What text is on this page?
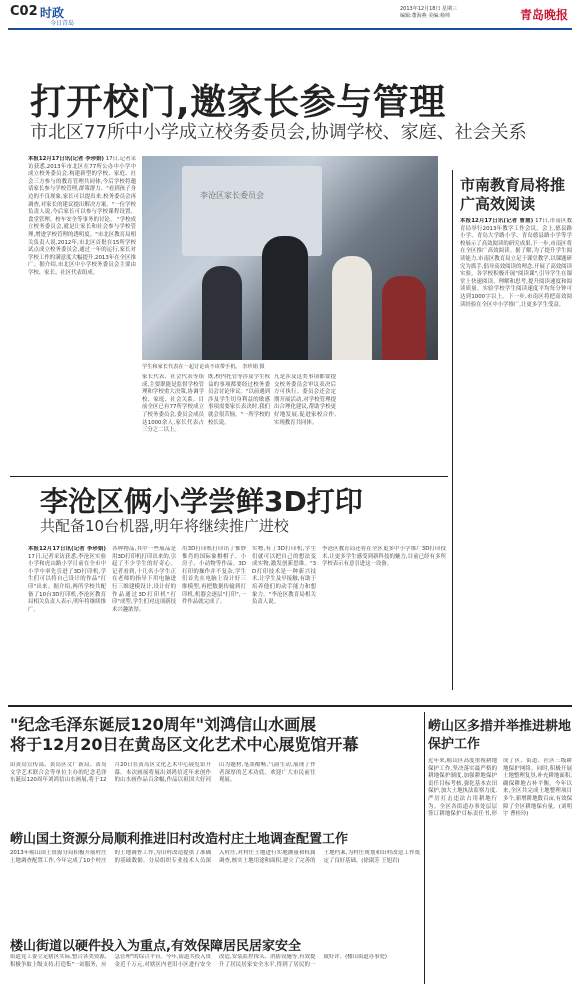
C02 时政
今日青岛
2013年12月18日 星期三
编辑:董海燕 美编:杨帅	青岛晚报
打开校门,邀家长参与管理
市北区77所中小学成立校务委员会,协调学校、家庭、社会关系
本报12月17日讯(记者 李珍娟) 17日,记者采访获悉,2013年市北区在77所公办中小学中成立校务委员会,构建新型的学校、家庭、社会三方参与的教育管理共同体,今后学校将邀请家长参与学校管理,群策群力。"看到孩子身边的不良现象,家长可以提出来,校务委员会再调查,对家长的建议提出解决方案。"一位学校负责人说,今后家长可以参与学校课程设置、食堂管理、校车安全等事务的讨论。 "学校成立校务委员会,就是让家长和社会参与学校管理,增进学校管理的透明度。"市北区教育局相关负责人说,2012年,市北区首批在15所学校试点成立校务委员会,通过一年的运行,家长对学校工作的满意度大幅提升,2013年在全区推广。据介绍,市北区中小学校务委员会主要由学校、家长、社区代表组成。
李沧区家长委员会
学生和家长代表在一起讨论该不该带手机。 李珍娟 摄
家长代表、社会代表等组成,主要职能是监督学校管理和学校重大决策,协调学校、家庭、社会关系。目前全区已有77所学校成立了校务委员会,委员会成员达1000余人,家长代表占三分之二以上。
既,校内托管等涉及学生权益的事项都要经过校务委员会讨论审议。"以前遇到涉及学生切身利益的敏感事项需要家长表决时,我们就会很苦恼。"一所学校的校长说。
凡是涉及这类事项都要提交校务委员会审议表决后方可执行。委员会还会定期开展活动,对学校管理提出合理化建议,帮助学校更好地发展,促进家校合作,实现教育共同体。
市南教育局将推广高效阅读
本报12月17日讯(记者 曹慧) 17日,市南区教育局举行2013年教学工作会议。会上,德县路小学、青岛大学路小学、青岛德县路小学等学校展示了高效阅读的研究成果,下一步,市南区将在全区推广高效阅读。据了解,为了提升学生阅读能力,市南区教育局立足于课堂教学,以课题研究为抓手,倡导高效阅读的理念,开展了高效阅读实验。各学校积极开展"阅读课",引导学生在课堂上快速阅读、理解和思考,提升阅读速度和阅读质量。实验学校学生阅读速度平均每分钟可达到1000字以上。下一步,市南区将把高效阅读经验在全区中小学推广,让更多学生受益。
李沧区俩小学尝鲜3D打印
共配备10台机器,明年将继续推广进校
本报12月17日讯(记者 李珍娟) 17日,记者采访获悉,李沧区实验小学和虎山路小学日前在全市中小学中率先引进了3D打印机,学生们可以将自己设计的作品"打印"出来。据介绍,两所学校共配备了10台3D打印机,李沧区教育局相关负责人表示,明年将继续推广。
各种物品,其中一些展品是用3D打印机打印出来的,引起了不少学生的好奇心。记者看到,十几名小学生正在老师的指导下用电脑进行三维建模设计,设计好的作品通过3D打印机"打印"成型,学生们对这项新技术兴趣浓厚。
用3D打印机打印出了惟妙惟肖的国际象棋棋子、小房子、小动物等作品。3D打印的操作并不复杂,学生们首先在电脑上设计好三维模型,再把数据传输到打印机,机器会逐层"打印",一件作品就完成了。
实物,有了3D打印机,学生们就可以把自己的想法变成实物,激发创新思维。"3D打印技术是一种新兴技术,让学生及早接触,有助于培养他们的动手能力和想象力。"李沧区教育局相关负责人说。
李沧区教育局还将在全区更多中小学推广3D打印技术,让更多学生感受到新科技的魅力,目前已经有多所学校表示有意引进这一设备。
"纪念毛泽东诞辰120周年"刘鸿信山水画展
将于12月20日在黄岛区文化艺术中心展览馆开幕
由黄岛宣传部、黄岛区文广新局、黄岛文学艺术联合会等单位主办的纪念毛泽东诞辰120周年刘鸿信山水画展,将于12月20日在黄岛区文化艺术中心展览馆开幕。本次画展将展出刘鸿信近年来创作的山水画作品百余幅,作品以祖国大好河山为题材,笔墨酣畅,气韵生动,展现了作者深厚的艺术功底。欢迎广大市民前往观展。
崂山国土资源分局顺利推进旧村改造村庄土地调查配置工作
2013年崂山国土资源分局积极开展村庄土地调查配置工作,今年完成了10个村庄的土地调查工作,为旧村改造提供了准确的基础数据。分局组织专业技术人员深入村庄,对村庄土地进行实地测量和权属调查,核实土地用途和面积,建立了完善的土地档案,为村庄规划和旧村改造工作奠定了良好基础。(徐淑芳 王旭岩)
楼山街道以硬件投入为重点,有效保障居民居家安全
街道党工委立足辖区实际,整合各类资源,积极争取上级支持,打造集"一站服务、应急管理"的综合平台。今年,街道共投入资金近千万元,对辖区内老旧小区进行安全改造,安装监控探头、消防设施等,有效提升了居民居家安全水平,得到了居民的一致好评。(楼山街道办事处)
崂山区多措并举推进耕地保护工作
近年来,崂山区高度重视耕地保护工作,坚决落实最严格的耕地保护制度,加强耕地保护责任目标考核,强化基本农田保护,加大土地执法监察力度,严厉打击违法占用耕地行为。全区各街道办事处层层签订耕地保护目标责任书,形成了区、街道、社区三级耕地保护网络。同时,积极开展土地整理复垦,补充耕地面积,确保耕地占补平衡。今年以来,全区共完成土地整理项目多个,新增耕地数百亩,有效保障了全区耕地保有量。(刘明宇 曹桂玲)
